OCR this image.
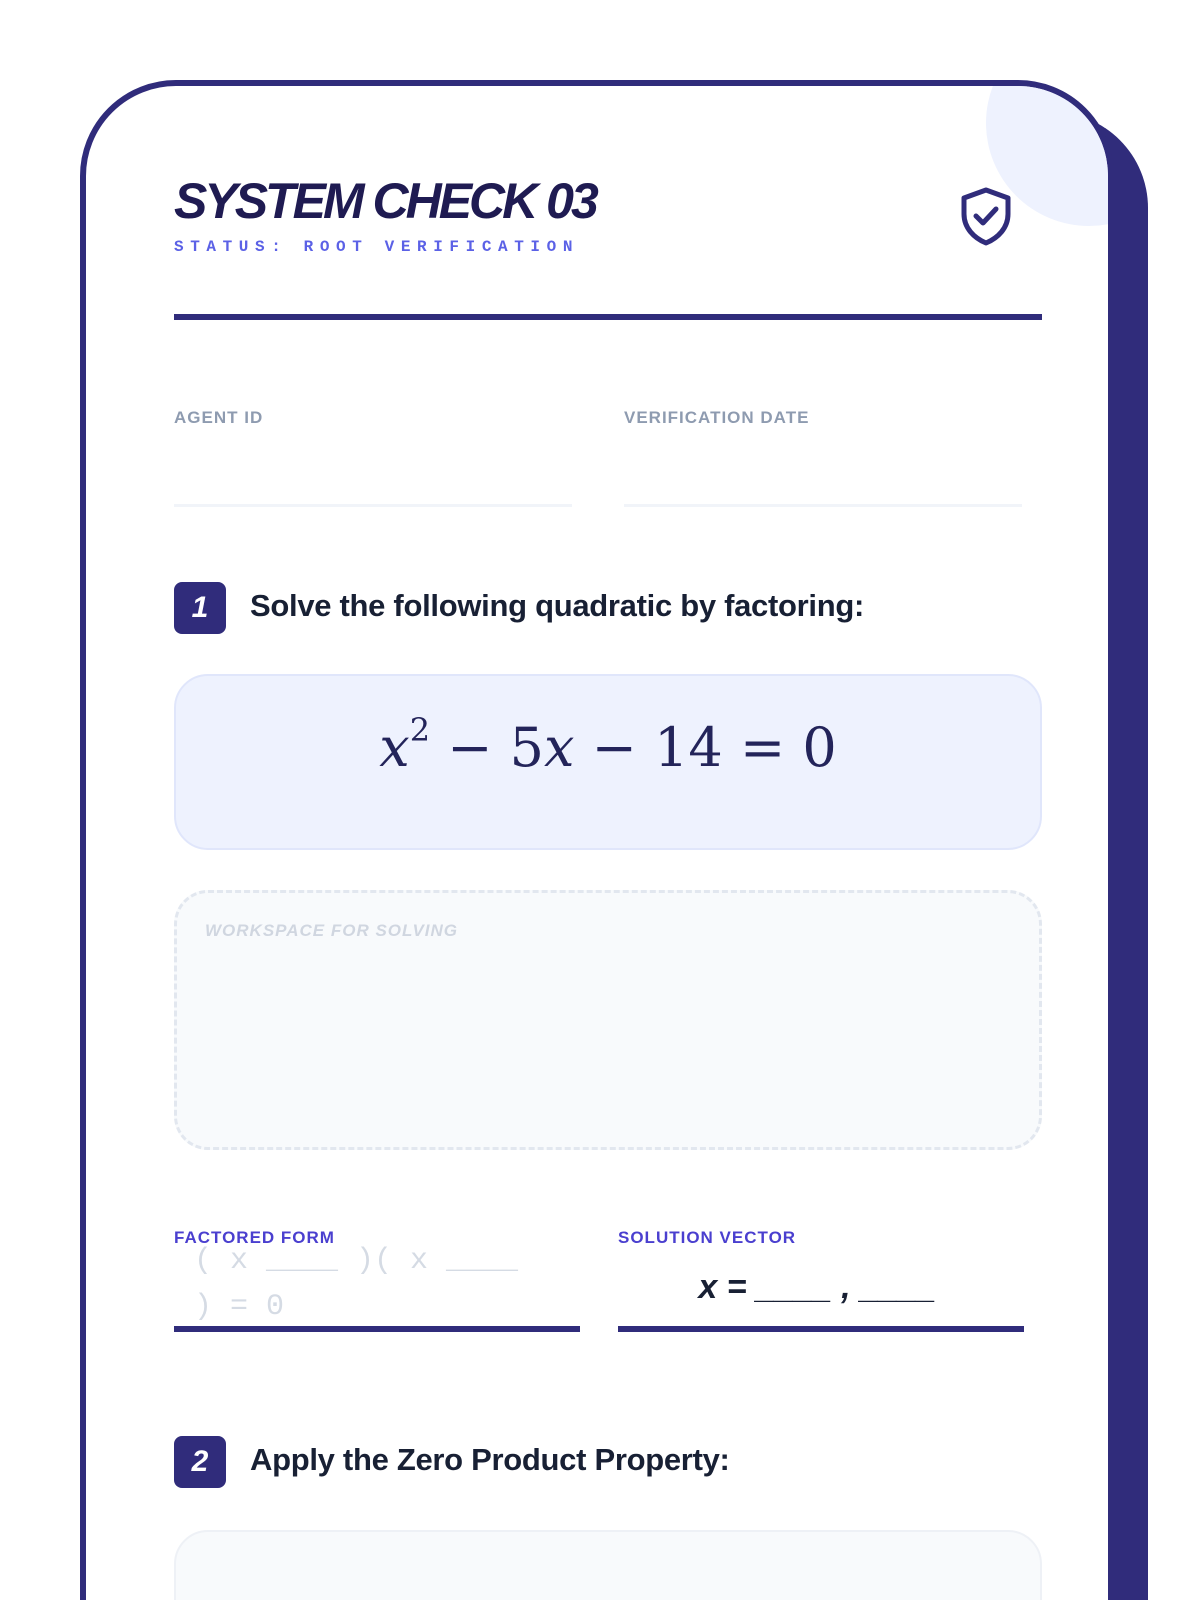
SYSTEM CHECK 03
STATUS: ROOT VERIFICATION
AGENT ID	VERIFICATION DATE
1	Solve the following quadratic by factoring:
$x^2 - 5x - 14 = 0$
WORKSPACE FOR SOLVING
FACTORED FORM
( x ____ )( x ____ ) = 0
SOLUTION VECTOR
x = ____ , ____
2	Apply the Zero Product Property:
